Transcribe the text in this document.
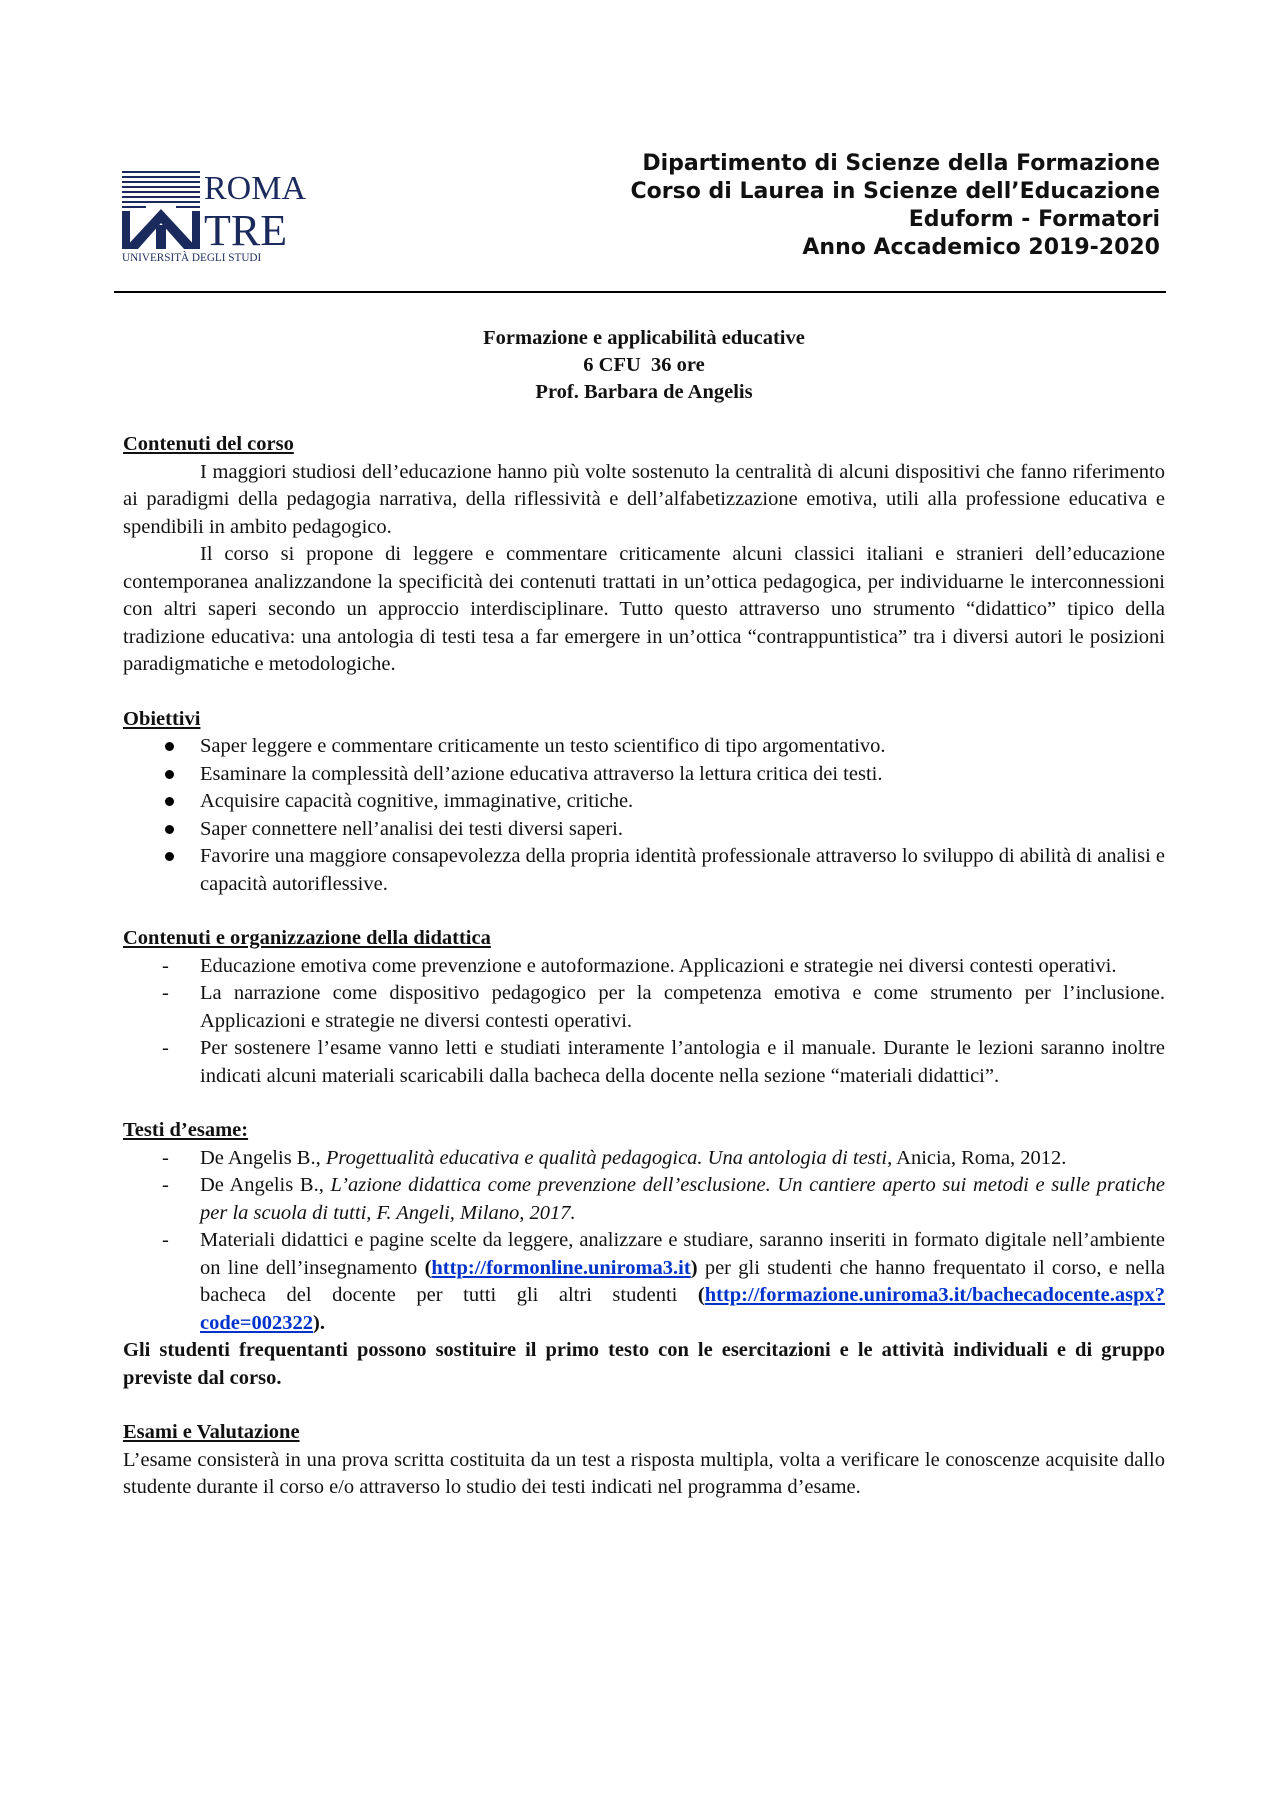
ROMA
TRE
UNIVERSITÀ DEGLI STUDI
Dipartimento di Scienze della Formazione
Corso di Laurea in Scienze dell’Educazione
Eduform - Formatori
Anno Accademico 2019-2020
Formazione e applicabilità educative
6 CFU  36 ore
Prof. Barbara de Angelis
Contenuti del corso

I maggiori studiosi dell’educazione hanno più volte sostenuto la centralità di alcuni dispositivi che fanno riferimento ai paradigmi della pedagogia narrativa, della riflessività e dell’alfabetizzazione emotiva, utili alla professione educativa e spendibili in ambito pedagogico.

Il corso si propone di leggere e commentare criticamente alcuni classici italiani e stranieri dell’educazione contemporanea analizzandone la specificità dei contenuti trattati in un’ottica pedagogica, per individuarne le interconnessioni con altri saperi secondo un approccio interdisciplinare. Tutto questo attraverso uno strumento “didattico” tipico della tradizione educativa: una antologia di testi tesa a far emergere in un’ottica “contrappuntistica” tra i diversi autori le posizioni paradigmatiche e metodologiche.

Obiettivi
Saper leggere e commentare criticamente un testo scientifico di tipo argomentativo.
Esaminare la complessità dell’azione educativa attraverso la lettura critica dei testi.
Acquisire capacità cognitive, immaginative, critiche.
Saper connettere nell’analisi dei testi diversi saperi.
Favorire una maggiore consapevolezza della propria identità professionale attraverso lo sviluppo di abilità di analisi e capacità autoriflessive.
Contenuti e organizzazione della didattica
- Educazione emotiva come prevenzione e autoformazione. Applicazioni e strategie nei diversi contesti operativi.
- La narrazione come dispositivo pedagogico per la competenza emotiva e come strumento per l’inclusione. Applicazioni e strategie ne diversi contesti operativi.
- Per sostenere l’esame vanno letti e studiati interamente l’antologia e il manuale. Durante le lezioni saranno inoltre indicati alcuni materiali scaricabili dalla bacheca della docente nella sezione “materiali didattici”.
Testi d’esame:
- De Angelis B., Progettualità educativa e qualità pedagogica. Una antologia di testi, Anicia, Roma, 2012.
- De Angelis B., L’azione didattica come prevenzione dell’esclusione. Un cantiere aperto sui metodi e sulle pratiche per la scuola di tutti, F. Angeli, Milano, 2017.
- Materiali didattici e pagine scelte da leggere, analizzare e studiare, saranno inseriti in formato digitale nell’ambiente on line dell’insegnamento (http://formonline.uniroma3.it) per gli studenti che hanno frequentato il corso, e nella bacheca del docente per tutti gli altri studenti (http://formazione.uniroma3.it/bachecadocente.aspx?code=002322).
Gli studenti frequentanti possono sostituire il primo testo con le esercitazioni e le attività individuali e di gruppo previste dal corso.
Esami e Valutazione

L’esame consisterà in una prova scritta costituita da un test a risposta multipla, volta a verificare le conoscenze acquisite dallo studente durante il corso e/o attraverso lo studio dei testi indicati nel programma d’esame.
